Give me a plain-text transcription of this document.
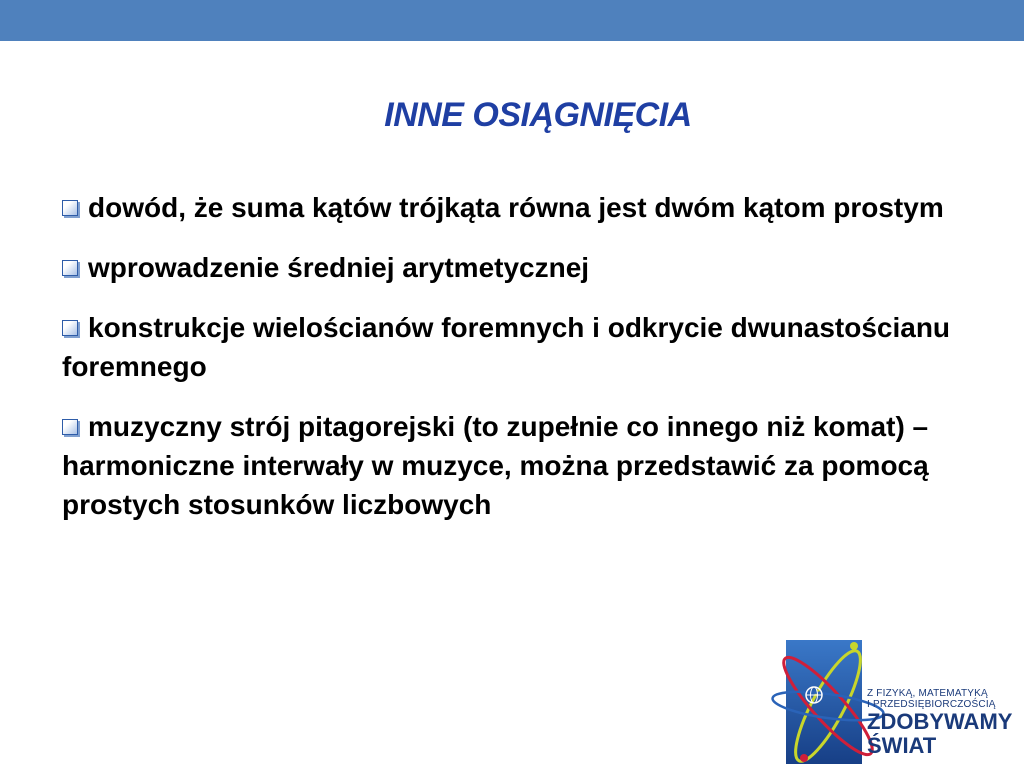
INNE OSIĄGNIĘCIA
dowód, że suma kątów trójkąta równa jest dwóm kątom prostym
wprowadzenie średniej arytmetycznej
konstrukcje wielościanów foremnych i odkrycie dwunastościanu foremnego
muzyczny strój pitagorejski (to zupełnie co innego niż komat) – harmoniczne interwały w muzyce, można przedstawić za pomocą prostych stosunków liczbowych
Z FIZYKĄ, MATEMATYKĄ
I PRZEDSIĘBIORCZOŚCIĄ
ZDOBYWAMY
ŚWIAT
